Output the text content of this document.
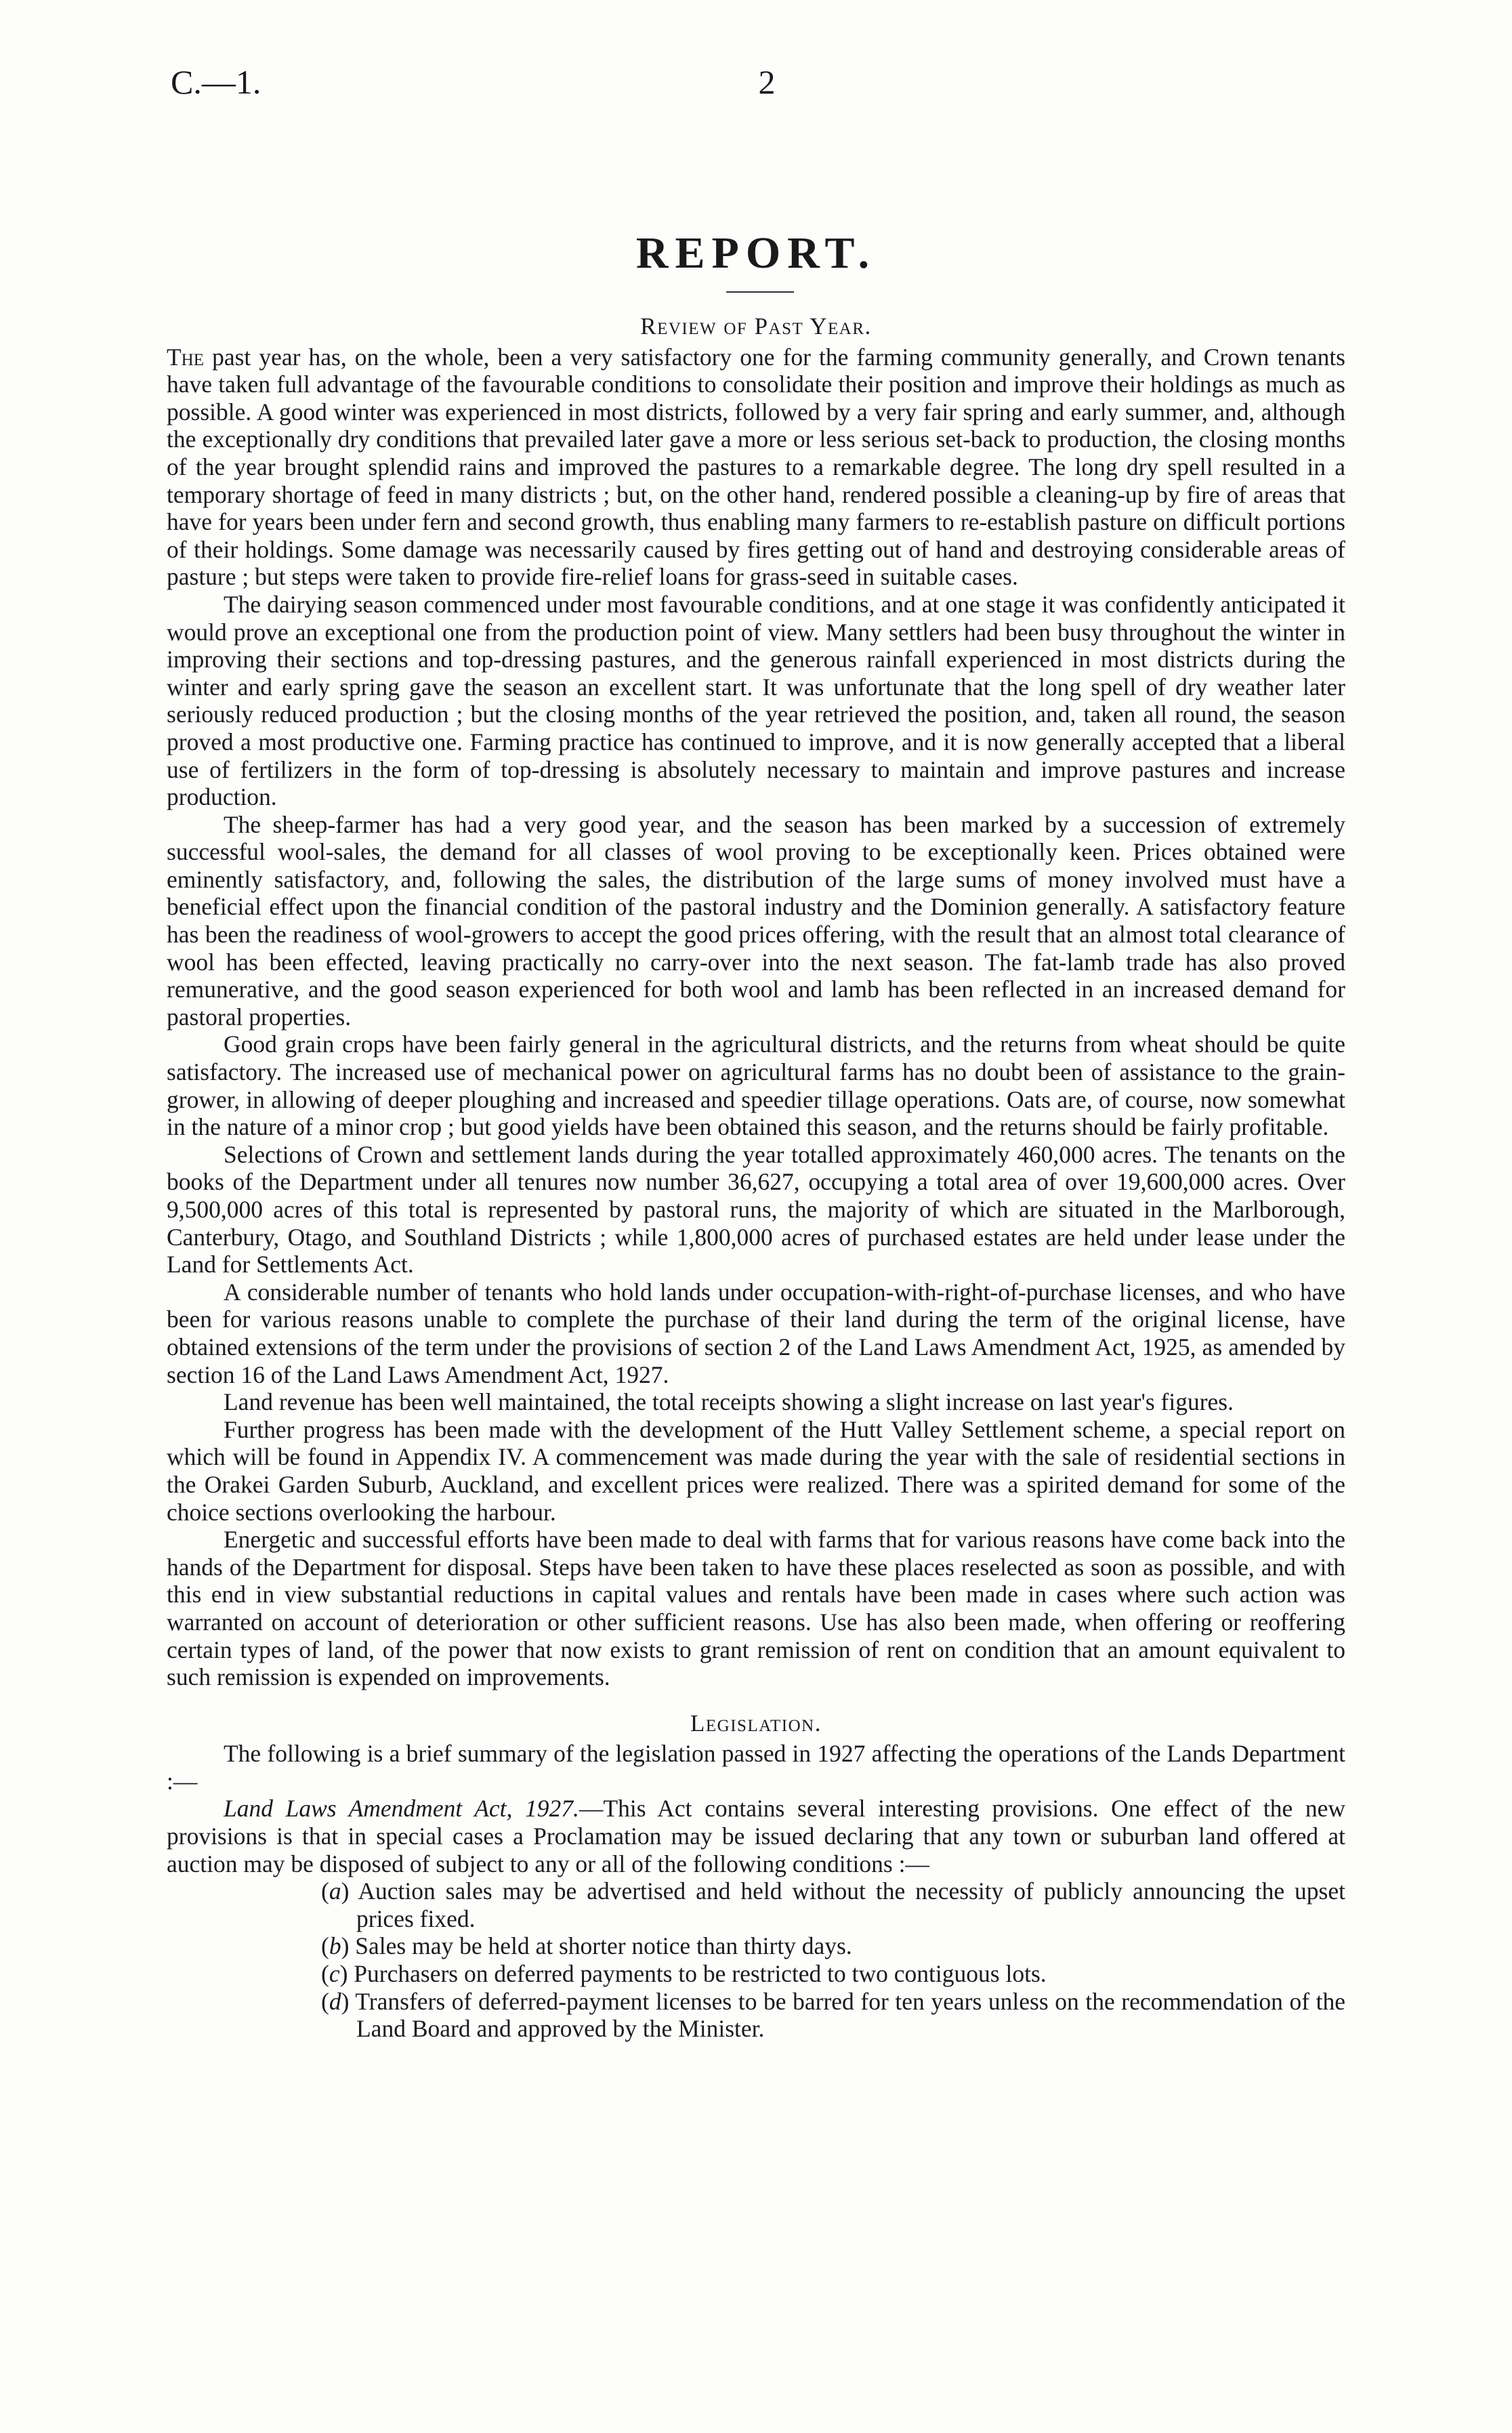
C.—1.	2
REPORT.
Review of Past Year.

The past year has, on the whole, been a very satisfactory one for the farming community generally, and Crown tenants have taken full advantage of the favourable conditions to consolidate their position and improve their holdings as much as possible. A good winter was experienced in most districts, followed by a very fair spring and early summer, and, although the exceptionally dry conditions that prevailed later gave a more or less serious set-back to production, the closing months of the year brought splendid rains and improved the pastures to a remarkable degree. The long dry spell resulted in a temporary shortage of feed in many districts ; but, on the other hand, rendered possible a cleaning-up by fire of areas that have for years been under fern and second growth, thus enabling many farmers to re-establish pasture on difficult portions of their holdings. Some damage was necessarily caused by fires getting out of hand and destroying considerable areas of pasture ; but steps were taken to provide fire-relief loans for grass-seed in suitable cases.

The dairying season commenced under most favourable conditions, and at one stage it was confidently anticipated it would prove an exceptional one from the production point of view. Many settlers had been busy throughout the winter in improving their sections and top-dressing pastures, and the generous rainfall experienced in most districts during the winter and early spring gave the season an excellent start. It was unfortunate that the long spell of dry weather later seriously reduced production ; but the closing months of the year retrieved the position, and, taken all round, the season proved a most productive one. Farming practice has continued to improve, and it is now generally accepted that a liberal use of fertilizers in the form of top-dressing is absolutely necessary to maintain and improve pastures and increase production.

The sheep-farmer has had a very good year, and the season has been marked by a succession of extremely successful wool-sales, the demand for all classes of wool proving to be exceptionally keen. Prices obtained were eminently satisfactory, and, following the sales, the distribution of the large sums of money involved must have a beneficial effect upon the financial condition of the pastoral industry and the Dominion generally. A satisfactory feature has been the readiness of wool-growers to accept the good prices offering, with the result that an almost total clearance of wool has been effected, leaving practically no carry-over into the next season. The fat-lamb trade has also proved remunerative, and the good season experienced for both wool and lamb has been reflected in an increased demand for pastoral properties.

Good grain crops have been fairly general in the agricultural districts, and the returns from wheat should be quite satisfactory. The increased use of mechanical power on agricultural farms has no doubt been of assistance to the grain-grower, in allowing of deeper ploughing and increased and speedier tillage operations. Oats are, of course, now somewhat in the nature of a minor crop ; but good yields have been obtained this season, and the returns should be fairly profitable.

Selections of Crown and settlement lands during the year totalled approximately 460,000 acres. The tenants on the books of the Department under all tenures now number 36,627, occupying a total area of over 19,600,000 acres. Over 9,500,000 acres of this total is represented by pastoral runs, the majority of which are situated in the Marlborough, Canterbury, Otago, and Southland Districts ; while 1,800,000 acres of purchased estates are held under lease under the Land for Settlements Act.

A considerable number of tenants who hold lands under occupation-with-right-of-purchase licenses, and who have been for various reasons unable to complete the purchase of their land during the term of the original license, have obtained extensions of the term under the provisions of section 2 of the Land Laws Amendment Act, 1925, as amended by section 16 of the Land Laws Amendment Act, 1927.

Land revenue has been well maintained, the total receipts showing a slight increase on last year's figures.

Further progress has been made with the development of the Hutt Valley Settlement scheme, a special report on which will be found in Appendix IV. A commencement was made during the year with the sale of residential sections in the Orakei Garden Suburb, Auckland, and excellent prices were realized. There was a spirited demand for some of the choice sections overlooking the harbour.

Energetic and successful efforts have been made to deal with farms that for various reasons have come back into the hands of the Department for disposal. Steps have been taken to have these places reselected as soon as possible, and with this end in view substantial reductions in capital values and rentals have been made in cases where such action was warranted on account of deterioration or other sufficient reasons. Use has also been made, when offering or reoffering certain types of land, of the power that now exists to grant remission of rent on condition that an amount equivalent to such remission is expended on improvements.

Legislation.

The following is a brief summary of the legislation passed in 1927 affecting the operations of the Lands Department :—

Land Laws Amendment Act, 1927.—This Act contains several interesting provisions. One effect of the new provisions is that in special cases a Proclamation may be issued declaring that any town or suburban land offered at auction may be disposed of subject to any or all of the following conditions :—

(a) Auction sales may be advertised and held without the necessity of publicly announcing the upset prices fixed.
(b) Sales may be held at shorter notice than thirty days.
(c) Purchasers on deferred payments to be restricted to two contiguous lots.
(d) Transfers of deferred-payment licenses to be barred for ten years unless on the recommendation of the Land Board and approved by the Minister.
